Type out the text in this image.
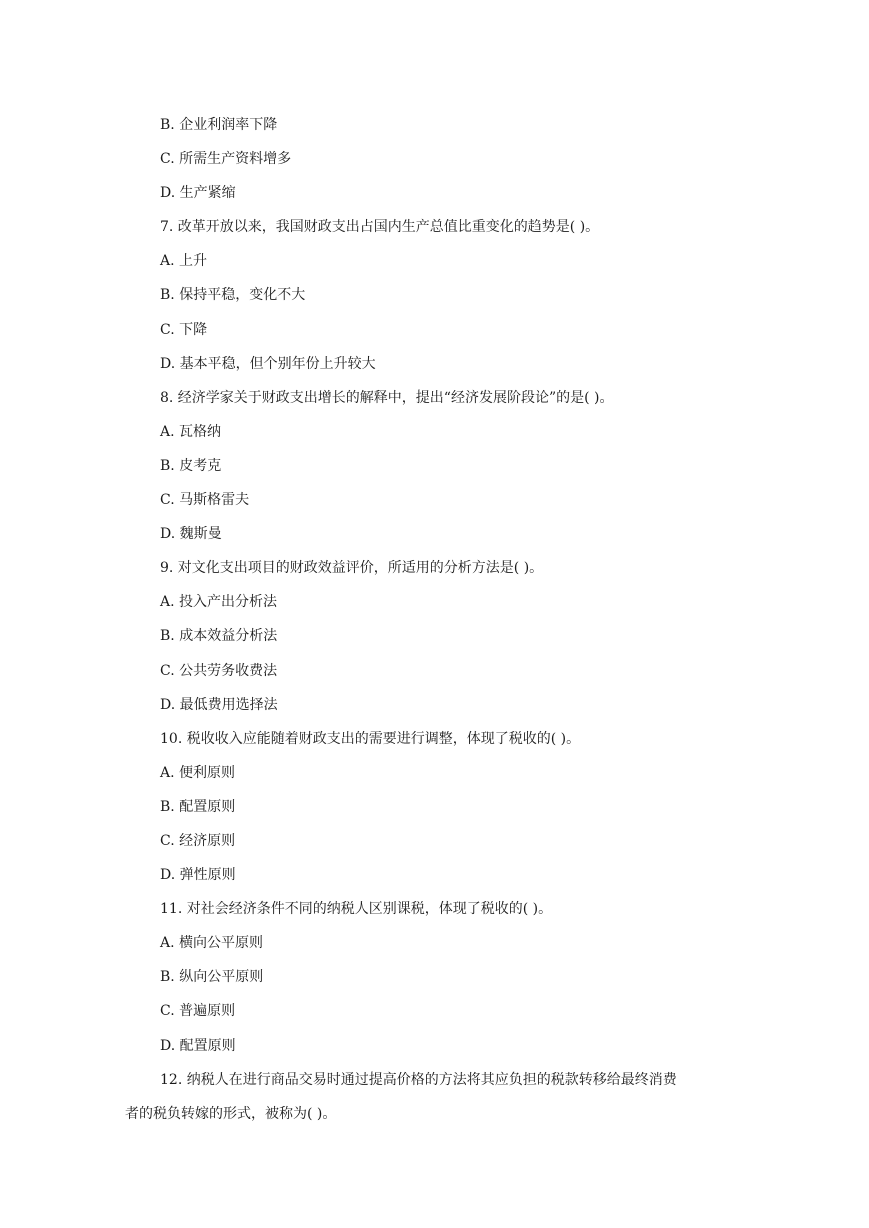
B. 企业利润率下降
C. 所需生产资料增多
D. 生产紧缩
7. 改革开放以来，我国财政支出占国内生产总值比重变化的趋势是( )。
A. 上升
B. 保持平稳，变化不大
C. 下降
D. 基本平稳，但个别年份上升较大
8. 经济学家关于财政支出增长的解释中，提出“经济发展阶段论”的是( )。
A. 瓦格纳
B. 皮考克
C. 马斯格雷夫
D. 魏斯曼
9. 对文化支出项目的财政效益评价，所适用的分析方法是( )。
A. 投入产出分析法
B. 成本效益分析法
C. 公共劳务收费法
D. 最低费用选择法
10. 税收收入应能随着财政支出的需要进行调整，体现了税收的( )。
A. 便利原则
B. 配置原则
C. 经济原则
D. 弹性原则
11. 对社会经济条件不同的纳税人区别课税，体现了税收的( )。
A. 横向公平原则
B. 纵向公平原则
C. 普遍原则
D. 配置原则
12. 纳税人在进行商品交易时通过提高价格的方法将其应负担的税款转移给最终消费
者的税负转嫁的形式，被称为( )。
